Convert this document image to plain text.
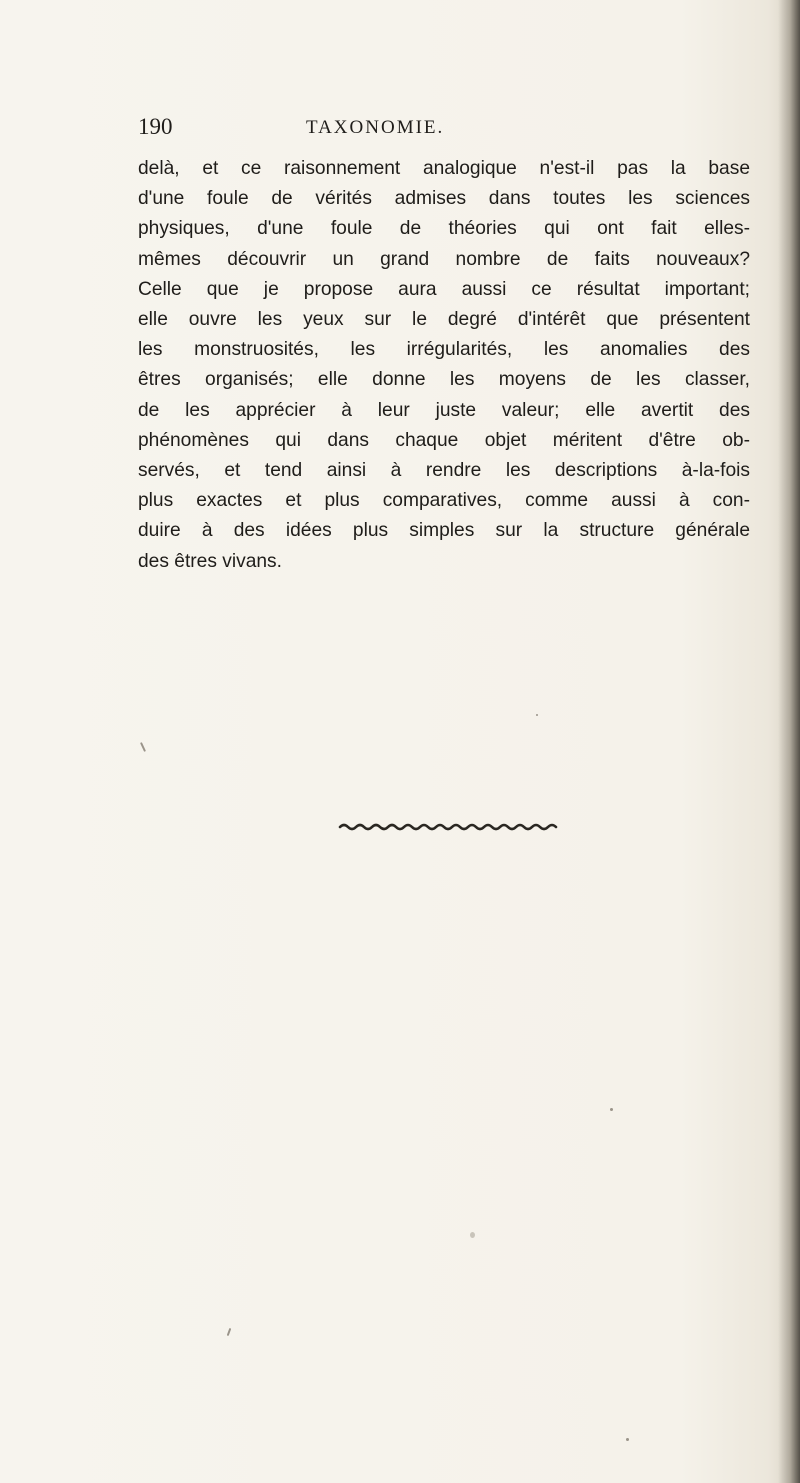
190	TAXONOMIE.

delà, et ce raisonnement analogique n'est-il pas la base
d'une foule de vérités admises dans toutes les sciences
physiques, d'une foule de théories qui ont fait elles-
mêmes découvrir un grand nombre de faits nouveaux?
Celle que je propose aura aussi ce résultat important;
elle ouvre les yeux sur le degré d'intérêt que présentent
les monstruosités, les irrégularités, les anomalies des
êtres organisés; elle donne les moyens de les classer,
de les apprécier à leur juste valeur; elle avertit des
phénomènes qui dans chaque objet méritent d'être ob-
servés, et tend ainsi à rendre les descriptions à-la-fois
plus exactes et plus comparatives, comme aussi à con-
duire à des idées plus simples sur la structure générale
des êtres vivans.
